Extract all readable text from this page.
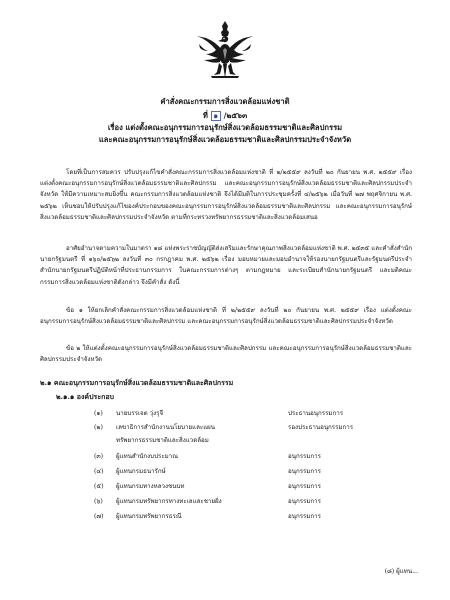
คำสั่งคณะกรรมการสิ่งแวดล้อมแห่งชาติ
ที่ ๑ /๒๕๖๓
เรื่อง แต่งตั้งคณะอนุกรรมการอนุรักษ์สิ่งแวดล้อมธรรมชาติและศิลปกรรม
และคณะอนุกรรมการอนุรักษ์สิ่งแวดล้อมธรรมชาติและศิลปกรรมประจำจังหวัด
โดยที่เป็นการสมควร ปรับปรุงแก้ไขคำสั่งคณะกรรมการสิ่งแวดล้อมแห่งชาติ ที่ ๒/๒๕๕๙ ลงวันที่ ๒๐ กันยายน พ.ศ. ๒๕๕๙ เรื่อง แต่งตั้งคณะอนุกรรมการอนุรักษ์สิ่งแวดล้อมธรรมชาติและศิลปกรรม และคณะอนุกรรมการอนุรักษ์สิ่งแวดล้อมธรรมชาติและศิลปกรรมประจำจังหวัด ให้มีความเหมาะสมยิ่งขึ้น คณะกรรมการสิ่งแวดล้อมแห่งชาติ จึงได้มีมติในการประชุมครั้งที่ ๔/๒๕๖๒ เมื่อวันที่ ๒๗ พฤศจิกายน พ.ศ. ๒๕๖๒ เห็นชอบให้ปรับปรุงแก้ไของค์ประกอบของคณะอนุกรรมการอนุรักษ์สิ่งแวดล้อมธรรมชาติและศิลปกรรม และคณะอนุกรรมการอนุรักษ์สิ่งแวดล้อมธรรมชาติและศิลปกรรมประจำจังหวัด ตามที่กระทรวงทรัพยากรธรรมชาติและสิ่งแวดล้อมเสนอ
อาศัยอำนาจตามความในมาตรา ๑๘ แห่งพระราชบัญญัติส่งเสริมและรักษาคุณภาพสิ่งแวดล้อมแห่งชาติ พ.ศ. ๒๕๓๕ และคำสั่งสำนักนายกรัฐมนตรี ที่ ๑๖๐/๒๕๖๒ ลงวันที่ ๓๐ กรกฎาคม พ.ศ. ๒๕๖๒ เรื่อง มอบหมายและมอบอำนาจให้รองนายกรัฐมนตรีและรัฐมนตรีประจำสำนักนายกรัฐมนตรีปฏิบัติหน้าที่ประธานกรรมการ ในคณะกรรมการต่างๆ ตามกฎหมาย และระเบียบสำนักนายกรัฐมนตรี และมติคณะกรรมการสิ่งแวดล้อมแห่งชาติดังกล่าว จึงมีคำสั่ง ดังนี้
ข้อ ๑ ให้ยกเลิกคำสั่งคณะกรรมการสิ่งแวดล้อมแห่งชาติ ที่ ๒/๒๕๕๙ ลงวันที่ ๒๐ กันยายน พ.ศ. ๒๕๕๙ เรื่อง แต่งตั้งคณะอนุกรรมการอนุรักษ์สิ่งแวดล้อมธรรมชาติและศิลปกรรม และคณะอนุกรรมการอนุรักษ์สิ่งแวดล้อมธรรมชาติและศิลปกรรมประจำจังหวัด
ข้อ ๒ ให้แต่งตั้งคณะอนุกรรมการอนุรักษ์สิ่งแวดล้อมธรรมชาติและศิลปกรรม และคณะอนุกรรมการอนุรักษ์สิ่งแวดล้อมธรรมชาติและศิลปกรรมประจำจังหวัด
๒.๑ คณะอนุกรรมการอนุรักษ์สิ่งแวดล้อมธรรมชาติและศิลปกรรม
๒.๑.๑ องค์ประกอบ
(๑)	นายบรรเจต วุ่งรุจี	ประธานอนุกรรมการ
(๒)	เลขาธิการสำนักงานนโยบายและแผน	รองประธานอนุกรรมการ
ทรัพยากรธรรมชาติและสิ่งแวดล้อม
(๓)	ผู้แทนสำนักงบประมาณ	อนุกรรมการ
(๔)	ผู้แทนกรมธนารักษ์	อนุกรรมการ
(๕)	ผู้แทนกรมทางหลวงชนบท	อนุกรรมการ
(๖)	ผู้แทนกรมทรัพยากรทางทะเลและชายฝั่ง	อนุกรรมการ
(๗)	ผู้แทนกรมทรัพยากรธรณี	อนุกรรมการ
(๘) ผู้แทน...
